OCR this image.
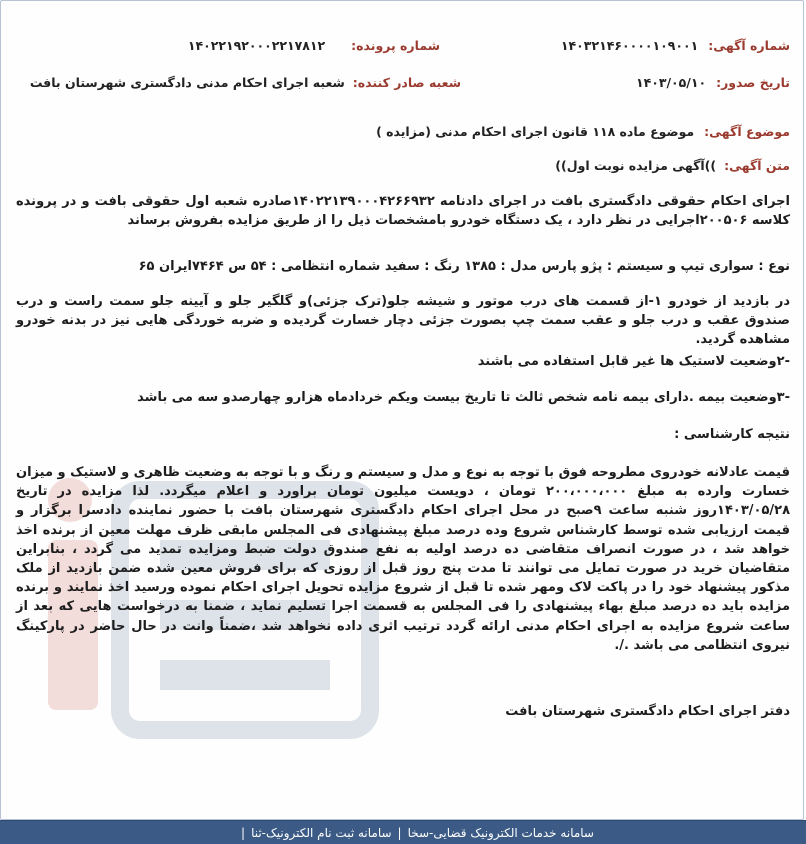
شماره آگهی: ۱۴۰۳۲۱۴۶۰۰۰۰۱۰۹۰۰۱
شماره پرونده: ۱۴۰۲۲۱۹۲۰۰۰۲۲۱۷۸۱۲
تاریخ صدور: ۱۴۰۳/۰۵/۱۰
شعبه صادر کننده: شعبه اجرای احکام مدنی دادگستری شهرستان بافت
موضوع آگهی: موضوع ماده ۱۱۸ قانون اجرای احکام مدنی (مزایده )
متن آگهی: ))آگهی مزایده نوبت اول))
اجرای احکام حقوقی دادگستری بافت در اجرای دادنامه ۱۴۰۲۲۱۳۹۰۰۰۴۲۶۶۹۳۲صادره شعبه اول حقوقی بافت و در پرونده کلاسه ۲۰۰۵۰۶اجرایی در نظر دارد ، یک دستگاه خودرو بامشخصات ذیل را از طریق مزایده بفروش برساند
نوع : سواری تیپ و سیستم : پژو پارس مدل : ۱۳۸۵ رنگ : سفید شماره انتظامی : ۵۴ س ۷۴۶۴ایران ۶۵
در بازدید از خودرو ۱-از قسمت های درب موتور و شیشه جلو(ترک جزئی)و گلگیر جلو و آیینه جلو سمت راست و درب صندوق عقب و درب جلو و عقب سمت چپ بصورت جزئی دچار خسارت گردیده و ضربه خوردگی هایی نیز در بدنه خودرو مشاهده گردید.
-۲وضعیت لاستیک ها غیر قابل استفاده می باشند
-۳وضعیت بیمه .دارای بیمه نامه شخص ثالث تا تاریخ بیست ویکم خردادماه هزارو چهارصدو سه می باشد
نتیجه کارشناسی :
قیمت عادلانه خودروی مطروحه فوق با توجه به نوع و مدل و سیستم و رنگ و با توجه به وضعیت ظاهری و لاستیک و میزان خسارت وارده به مبلغ ۲۰۰،۰۰۰،۰۰۰ تومان ، دویست میلیون تومان براورد و اعلام میگردد. لذا مزایده در تاریخ ۱۴۰۳/۰۵/۲۸روز شنبه ساعت ۹صبح در محل اجرای احکام دادگستری شهرستان بافت با حضور نماینده دادسرا برگزار و قیمت ارزیابی شده توسط کارشناس شروع وده درصد مبلغ پیشنهادی فی المجلس مابقی ظرف مهلت معین از برنده اخذ خواهد شد ، در صورت انصراف متقاضی ده درصد اولیه به نفع صندوق دولت ضبط ومزایده تمدید می گردد ، بنابراین متقاضیان خرید در صورت تمایل می توانند تا مدت پنج روز قبل از روزی که برای فروش معین شده ضمن بازدید از ملک مذکور پیشنهاد خود را در پاکت لاک ومهر شده تا قبل از شروع مزایده تحویل اجرای احکام نموده ورسید اخذ نمایند و برنده مزایده باید ده درصد مبلغ بهاء پیشنهادی را فی المجلس به قسمت اجرا تسلیم نماید ، ضمنا به درخواست هایی که بعد از ساعت شروع مزایده به اجرای احکام مدنی ارائه گردد ترتیب اثری داده نخواهد شد ،ضمناً وانت در حال حاضر در پارکینگ نیروی انتظامی می باشد ./.
دفتر اجرای احکام دادگستری شهرستان بافت
سامانه خدمات الکترونیک قضایی-سخا
|
سامانه ثبت نام الکترونیک-ثنا
|
